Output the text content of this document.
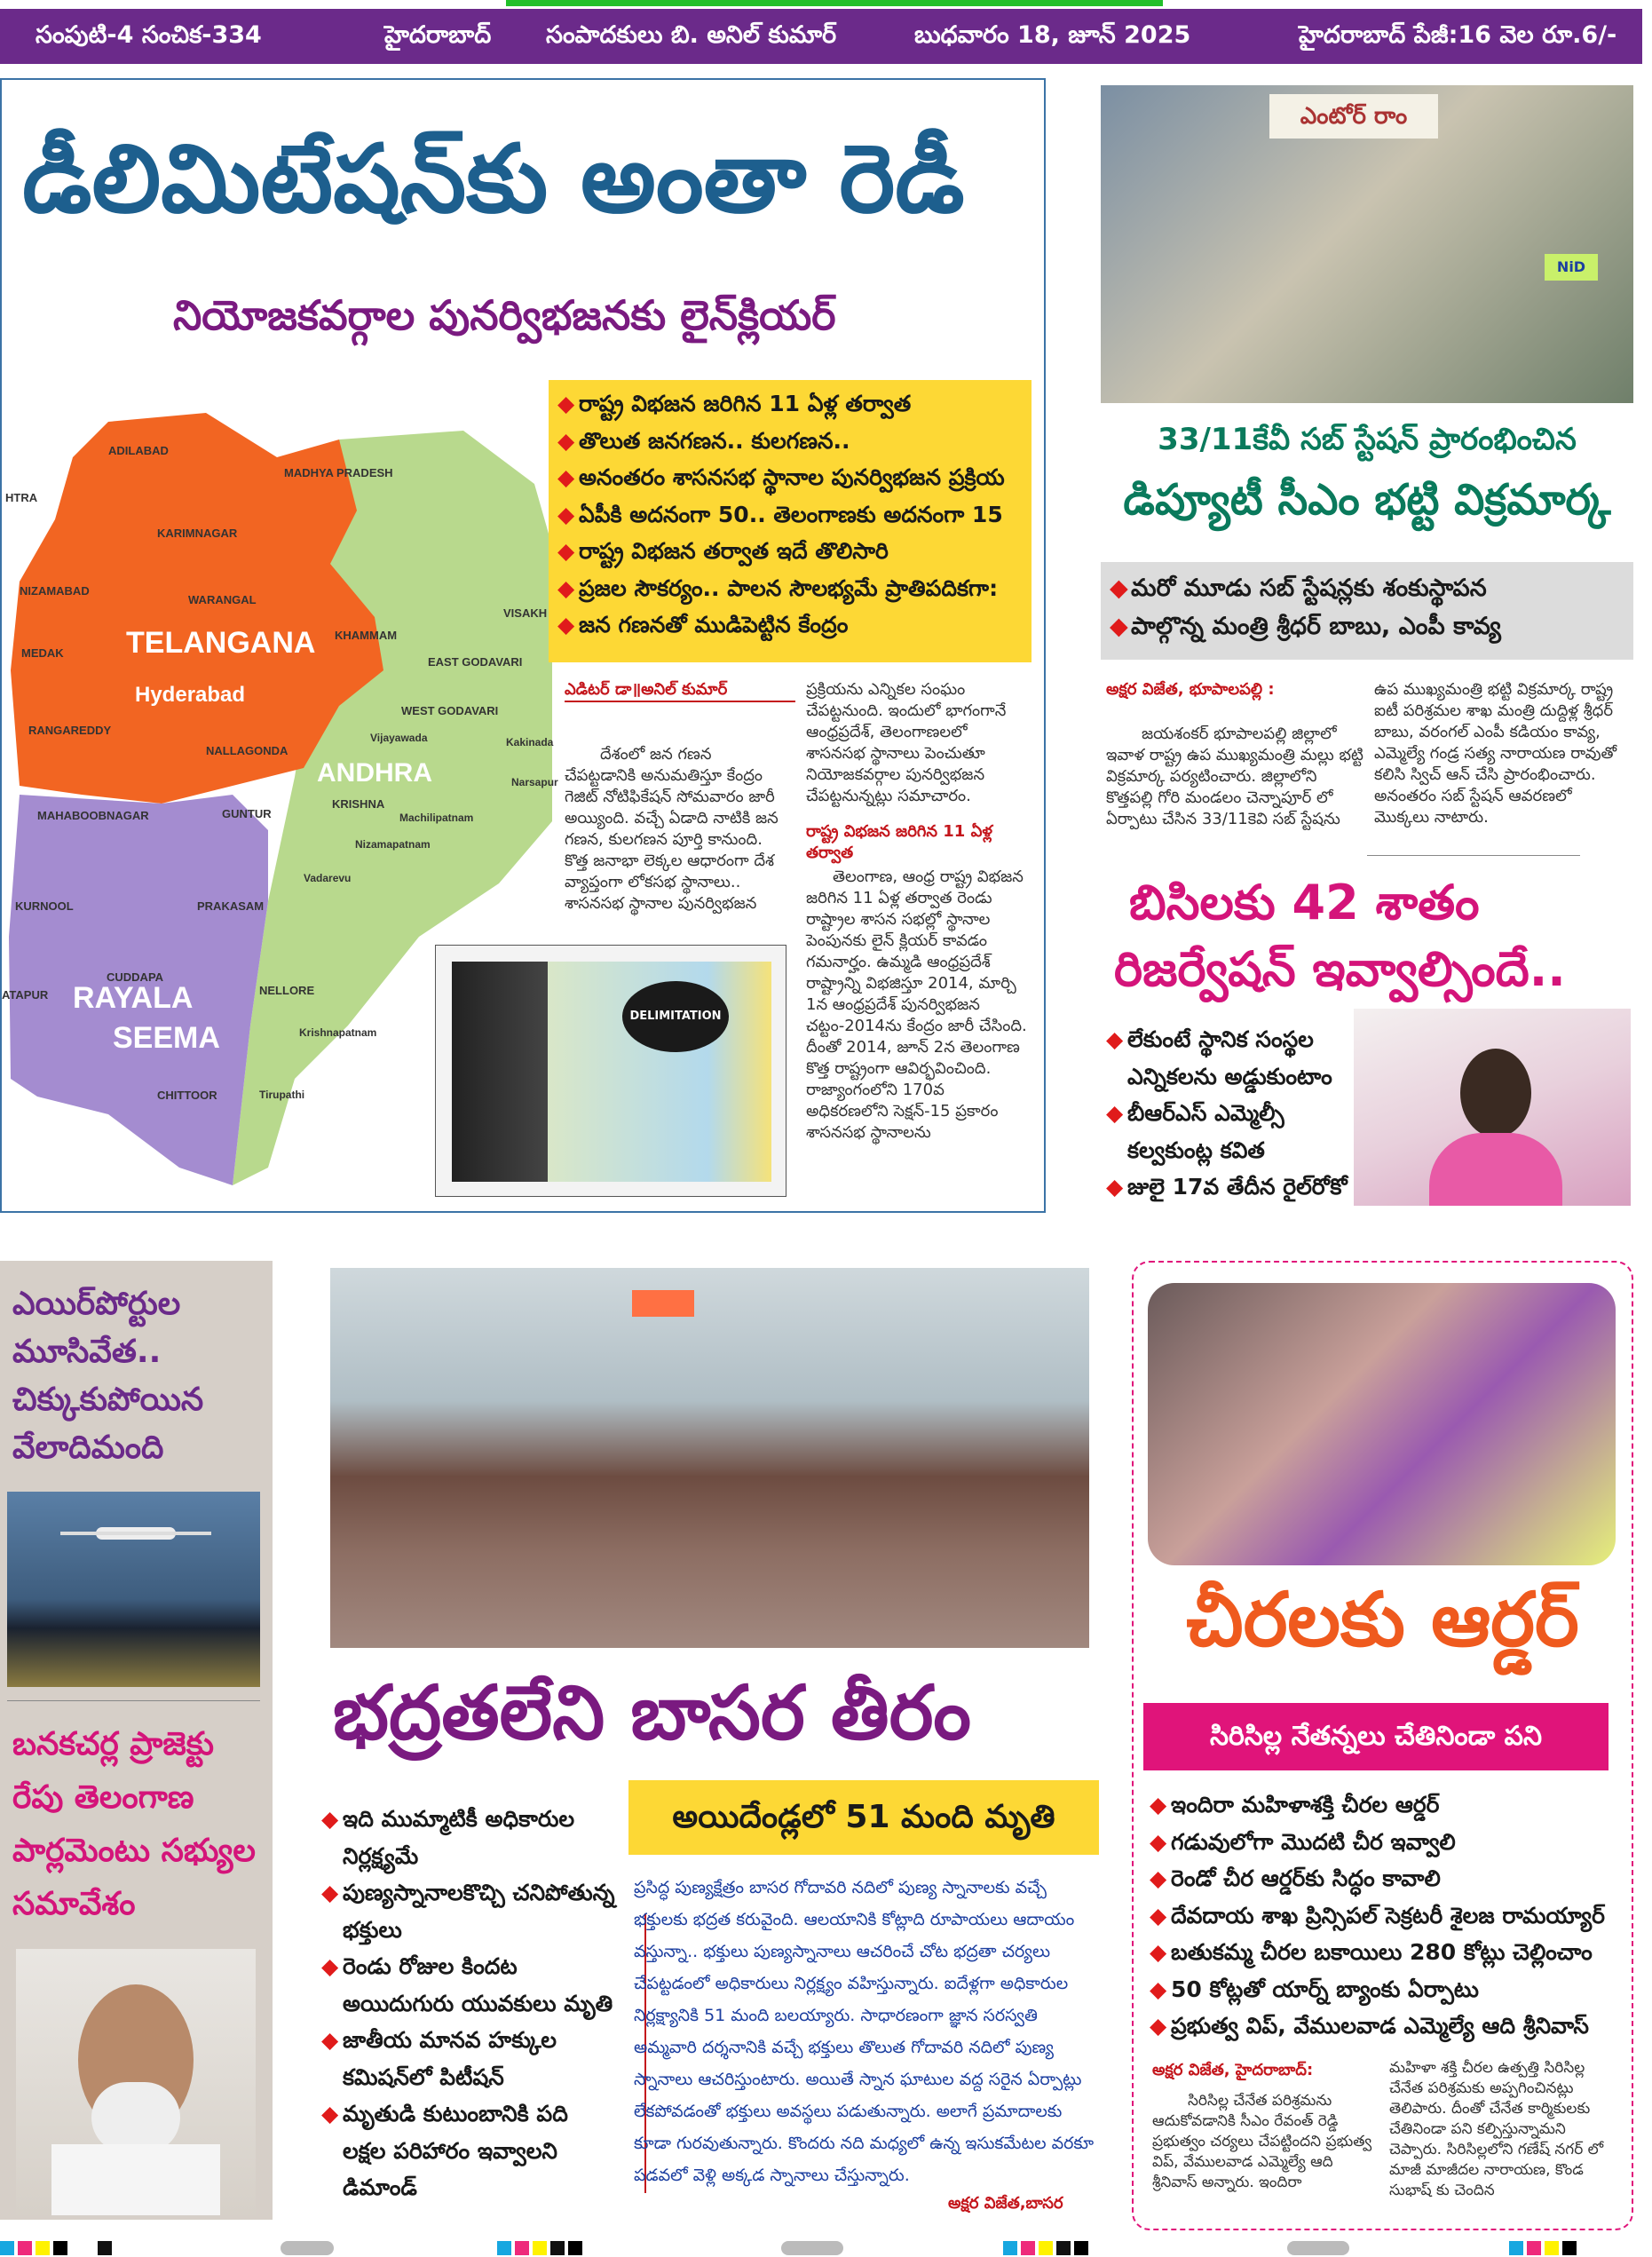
సంపుటి-4 సంచిక-334	హైదరాబాద్ సంపాదకులు బి. అనిల్ కుమార్	బుధవారం 18, జూన్ 2025	హైదరాబాద్ పేజీ:16 వెల రూ.6/-
డీలిమిటేషన్‌కు అంతా రెడీ
నియోజకవర్గాల పునర్విభజనకు లైన్‌క్లియర్
ADILABAD
MADHYA PRADESH
HTRA
KARIMNAGAR
NIZAMABAD
WARANGAL
TELANGANA
MEDAK
KHAMMAM
Hyderabad
RANGAREDDY
NALLAGONDA
WEST GODAVARI
EAST GODAVARI
VISAKH
ANDHRA
Vijayawada	Kakinada
Narsapur
MAHABOOBNAGAR	GUNTUR
KRISHNA
Machilipatnam
Nizamapatnam
Vadarevu
KURNOOL	PRAKASAM
CUDDAPA
NELLORE
RAYALA
SEEMA
ATAPUR
Krishnapatnam
CHITTOOR	Tirupathi
◆ రాష్ట్ర విభజన జరిగిన 11 ఏళ్ల తర్వాత
◆ తొలుత జనగణన.. కులగణన..
◆ అనంతరం శాసనసభ స్థానాల పునర్విభజన ప్రక్రియ
◆ ఏపీకి అదనంగా 50.. తెలంగాణకు అదనంగా 15
◆ రాష్ట్ర విభజన తర్వాత ఇదే తొలిసారి
◆ ప్రజల సౌకర్యం.. పాలన సౌలభ్యమే ప్రాతిపదికగా:
◆ జన గణనతో ముడిపెట్టిన కేంద్రం
ఎడిటర్ డా॥అనిల్ కుమార్
దేశంలో జన గణన చేపట్టడానికి అనుమతిస్తూ కేంద్రం గెజిట్ నోటిఫికేషన్ సోమవారం జారీ అయ్యింది. వచ్చే ఏడాది నాటికి జన గణన, కులగణన పూర్తి కానుంది. కొత్త జనాభా లెక్కల ఆధారంగా దేశ వ్యాప్తంగా లోకసభ స్థానాలు.. శాసనసభ స్థానాల పునర్విభజన
ప్రక్రియను ఎన్నికల సంఘం చేపట్టనుంది. ఇందులో భాగంగానే ఆంధ్రప్రదేశ్, తెలంగాణలలో శాసనసభ స్థానాలు పెంచుతూ నియోజకవర్గాల పునర్విభజన చేపట్టనున్నట్లు సమాచారం.
రాష్ట్ర విభజన జరిగిన 11 ఏళ్ల తర్వాత
తెలంగాణ, ఆంధ్ర రాష్ట్ర విభజన జరిగిన 11 ఏళ్ల తర్వాత రెండు రాష్ట్రాల శాసన సభల్లో స్థానాల పెంపునకు లైన్ క్లియర్ కావడం గమనార్హం. ఉమ్మడి ఆంధ్రప్రదేశ్ రాష్ట్రాన్ని విభజిస్తూ 2014, మార్చి 1న ఆంధ్రప్రదేశ్ పునర్విభజన చట్టం-2014ను కేంద్రం జారీ చేసింది. దీంతో 2014, జూన్ 2న తెలంగాణ కొత్త రాష్ట్రంగా ఆవిర్భవించింది. రాజ్యాంగంలోని 170వ అధికరణలోని సెక్షన్-15 ప్రకారం శాసనసభ స్థానాలను
DELIMITATION
ఎంటోర్ రాం
NiD
33/11కేవీ సబ్ స్టేషన్ ప్రారంభించిన
డిప్యూటీ సీఎం భట్టి విక్రమార్క
◆ మరో మూడు సబ్ స్టేషన్లకు శంకుస్థాపన
◆ పాల్గొన్న మంత్రి శ్రీధర్ బాబు, ఎంపీ కావ్య
అక్షర విజేత, భూపాలపల్లి :
జయశంకర్ భూపాలపల్లి జిల్లాలో ఇవాళ రాష్ట్ర ఉప ముఖ్యమంత్రి మల్లు భట్టి విక్రమార్క పర్యటించారు. జిల్లాలోని కొత్తపల్లి గోరి మండలం చెన్నాపూర్ లో ఏర్పాటు చేసిన 33/11కెవి సబ్ స్టేషను
ఉప ముఖ్యమంత్రి భట్టి విక్రమార్క రాష్ట్ర ఐటీ పరిశ్రమల శాఖ మంత్రి దుద్దిళ్ల శ్రీధర్ బాబు, వరంగల్ ఎంపీ కడియం కావ్య, ఎమ్మెల్యే గండ్ర సత్య నారాయణ రావుతో కలిసి స్విచ్ ఆన్ చేసి ప్రారంభించారు. అనంతరం సబ్ స్టేషన్ ఆవరణలో మొక్కలు నాటారు.
బిసిలకు 42 శాతం
రిజర్వేషన్ ఇవ్వాల్సిందే..
◆ లేకుంటే స్థానిక సంస్థల ఎన్నికలను అడ్డుకుంటాం
◆ బీఆర్ఎస్ ఎమ్మెల్సీ కల్వకుంట్ల కవిత
◆ జులై 17వ తేదీన రైల్‌రోకో
ఎయిర్‌పోర్టుల మూసివేత.. చిక్కుకుపోయిన వేలాదిమంది
బనకచర్ల ప్రాజెక్టు రేపు తెలంగాణ పార్లమెంటు సభ్యుల సమావేశం
భద్రతలేని బాసర తీరం
◆ ఇది ముమ్మాటికీ అధికారుల నిర్లక్ష్యమే
◆ పుణ్యస్నానాలకొచ్చి చనిపోతున్న భక్తులు
◆ రెండు రోజుల కిందట అయిదుగురు యువకులు మృతి
◆ జాతీయ మానవ హక్కుల కమిషన్‌లో పిటీషన్
◆ మృతుడి కుటుంబానికి పది లక్షల పరిహారం ఇవ్వాలని డిమాండ్
అయిదేండ్లలో 51 మంది మృతి
ప్రసిద్ధ పుణ్యక్షేత్రం బాసర గోదావరి నదిలో పుణ్య స్నానాలకు వచ్చే భక్తులకు భద్రత కరువైంది. ఆలయానికి కోట్లాది రూపాయలు ఆదాయం వస్తున్నా.. భక్తులు పుణ్యస్నానాలు ఆచరించే చోట భద్రతా చర్యలు చేపట్టడంలో అధికారులు నిర్లక్ష్యం వహిస్తున్నారు. ఐదేళ్లగా అధికారుల నిర్లక్ష్యానికి 51 మంది బలయ్యారు. సాధారణంగా జ్ఞాన సరస్వతి అమ్మవారి దర్శనానికి వచ్చే భక్తులు తొలుత గోదావరి నదిలో పుణ్య స్నానాలు ఆచరిస్తుంటారు. అయితే స్నాన ఘాటుల వద్ద సరైన ఏర్పాట్లు లేకపోవడంతో భక్తులు అవస్థలు పడుతున్నారు. అలాగే ప్రమాదాలకు కూడా గురవుతున్నారు. కొందరు నది మధ్యలో ఉన్న ఇసుకమేటల వరకూ పడవలో వెళ్లి అక్కడ స్నానాలు చేస్తున్నారు.
అక్షర విజేత,బాసర
చీరలకు ఆర్డర్
సిరిసిల్ల నేతన్నలు చేతినిండా పని
◆ ఇందిరా మహిళాశక్తి చీరల ఆర్డర్
◆ గడువులోగా మొదటి చీర ఇవ్వాలి
◆ రెండో చీర ఆర్డర్‌కు సిద్ధం కావాలి
◆ దేవదాయ శాఖ ప్రిన్సిపల్ సెక్రటరీ శైలజ రామయ్యార్
◆ బతుకమ్మ చీరల బకాయిలు 280 కోట్లు చెల్లించాం
◆ 50 కోట్లతో యార్న్ బ్యాంకు ఏర్పాటు
◆ ప్రభుత్వ విప్, వేములవాడ ఎమ్మెల్యే ఆది శ్రీనివాస్
అక్షర విజేత, హైదరాబాద్:
సిరిసిల్ల చేనేత పరిశ్రమను ఆదుకోవడానికి సీఎం రేవంత్ రెడ్డి ప్రభుత్వం చర్యలు చేపట్టిందని ప్రభుత్వ విప్, వేములవాడ ఎమ్మెల్యే ఆది శ్రీనివాస్ అన్నారు. ఇందిరా
మహిళా శక్తి చీరల ఉత్పత్తి సిరిసిల్ల చేనేత పరిశ్రమకు అప్పగించినట్లు తెలిపారు. దీంతో చేనేత కార్మికులకు చేతినిండా పని కల్పిస్తున్నామని చెప్పారు. సిరిసిల్లలోని గణేష్ నగర్ లో మాజీ మాజీదల నారాయణ, కొండ సుభాష్ కు చెందిన
